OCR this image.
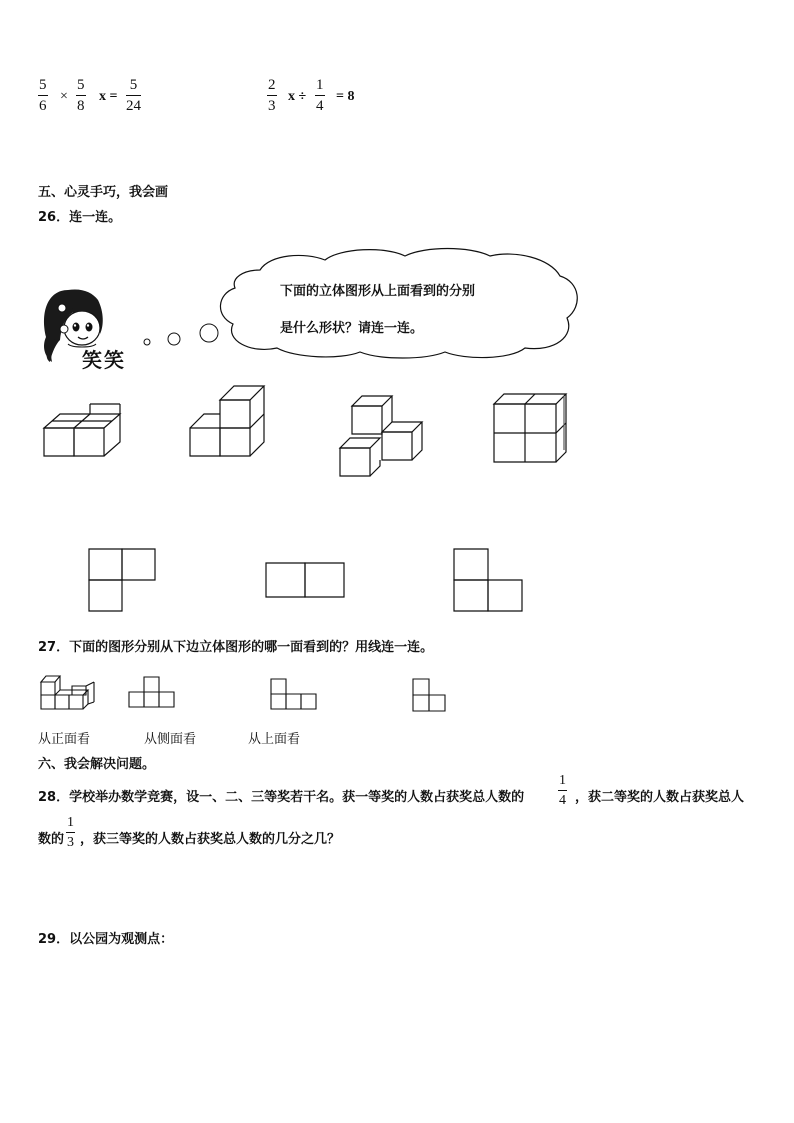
5
6
×
5
8
x =
5
24
2
3
x ÷
1
4
= 8
五、心灵手巧，我会画
26．连一连。
笑笑
下面的立体图形从上面看到的分别
是什么形状？请连一连。
27．下面的图形分别从下边立体图形的哪一面看到的？用线连一连。
从正面看	从侧面看	从上面看
六、我会解决问题。
28．学校举办数学竞赛，设一、二、三等奖若干名。获一等奖的人数占获奖总人数的
1
4 ，获二等奖的人数占获奖总人
数的
1
3 ，获三等奖的人数占获奖总人数的几分之几？
29．以公园为观测点：
